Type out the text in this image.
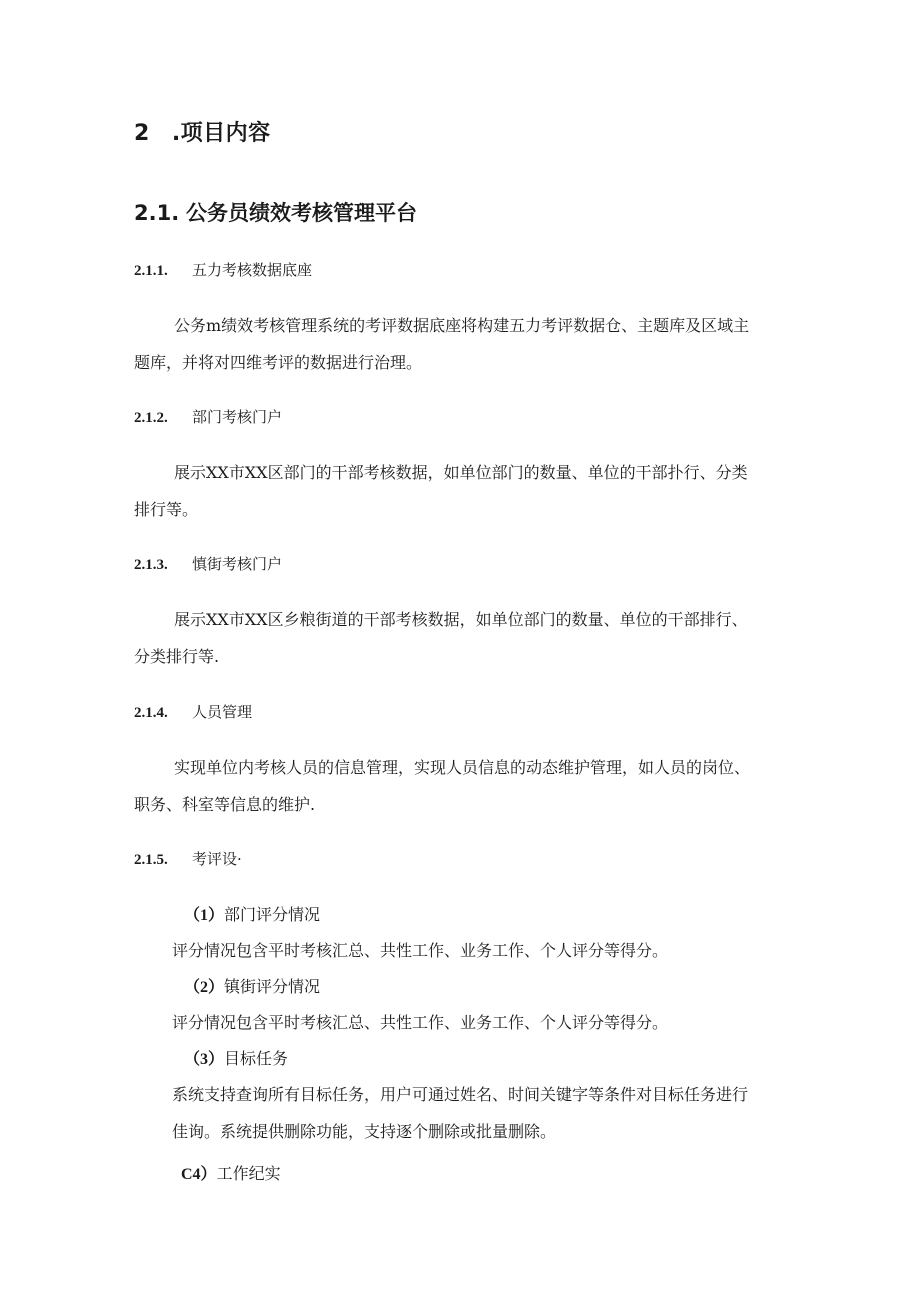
2 .项目内容
2.1. 公务员绩效考核管理平台
2.1.1. 五力考核数据底座
公务m绩效考核管理系统的考评数据底座将构建五力考评数据仓、主题库及区域主
题库，并将对四维考评的数据进行治理。
2.1.2. 部门考核门户
展示XX市XX区部门的干部考核数据，如单位部门的数量、单位的干部扑行、分类
排行等。
2.1.3. 慎街考核门户
展示XX市XX区乡粮街道的干部考核数据，如单位部门的数量、单位的干部排行、
分类排行等.
2.1.4. 人员管理
实现单位内考核人员的信息管理，实现人员信息的动态维护管理，如人员的岗位、
职务、科室等信息的维护.
2.1.5. 考评设·
（1）部门评分情况
评分情况包含平时考核汇总、共性工作、业务工作、个人评分等得分。
（2）镇街评分情况
评分情况包含平时考核汇总、共性工作、业务工作、个人评分等得分。
（3）目标任务
系统支持查询所有目标任务，用户可通过姓名、时间关键字等条件对目标任务进行
佳询。系统提供删除功能，支持逐个删除或批量删除。
C4）工作纪实
